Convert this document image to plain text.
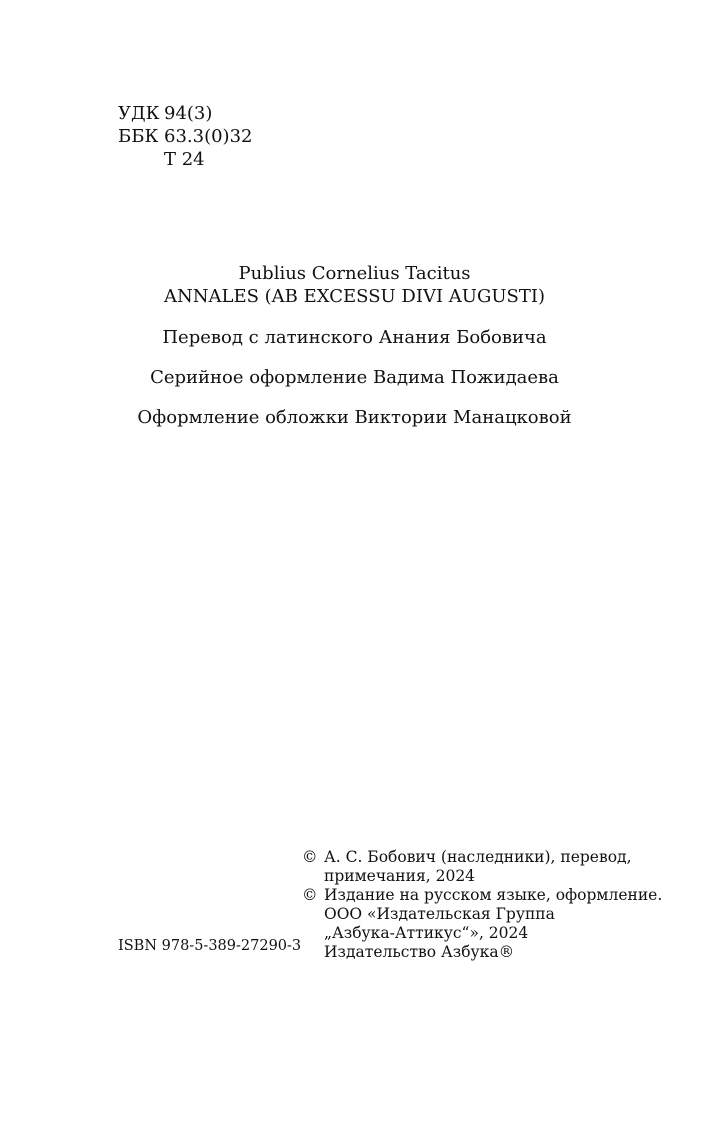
УДК 94(3)
ББК 63.3(0)32
Т 24
Publius Cornelius Tacitus
ANNALES (AB EXCESSU DIVI AUGUSTI)
Перевод с латинского Анания Бобовича
Серийное оформление Вадима Пожидаева
Оформление обложки Виктории Манацковой
© А. С. Бобович (наследники), перевод,
примечания, 2024
© Издание на русском языке, оформление.
ООО «Издательская Группа
„Азбука-Аттикус“», 2024
Издательство Азбука®
ISBN 978-5-389-27290-3
